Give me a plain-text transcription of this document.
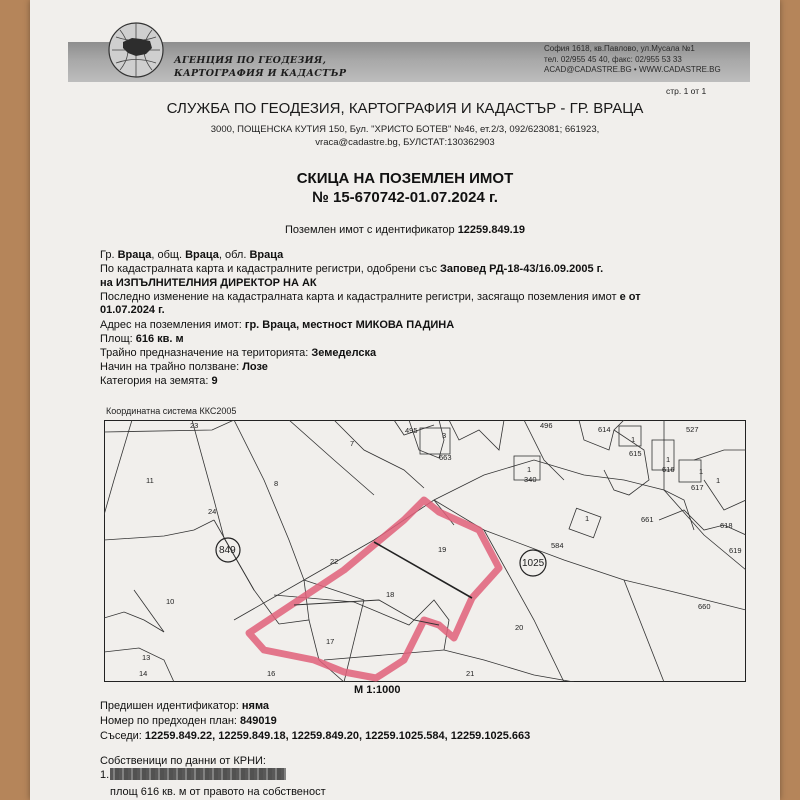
АГЕНЦИЯ ПО ГЕОДЕЗИЯ,
КАРТОГРАФИЯ И КАДАСТЪР
София 1618, кв.Павлово, ул.Мусала №1
тел. 02/955 45 40, факс: 02/955 53 33
ACAD@CADASTRE.BG • WWW.CADASTRE.BG
стр. 1 от 1
СЛУЖБА ПО ГЕОДЕЗИЯ, КАРТОГРАФИЯ И КАДАСТЪР - ГР. ВРАЦА
3000, ПОЩЕНСКА КУТИЯ 150, Бул. "ХРИСТО БОТЕВ" №46, ет.2/3, 092/623081; 661923,
vraca@cadastre.bg, БУЛСТАТ:130362903
СКИЦА НА ПОЗЕМЛЕН ИМОТ
№ 15-670742-01.07.2024 г.
Поземлен имот с идентификатор 12259.849.19
Гр. Враца, общ. Враца, обл. Враца
По кадастралната карта и кадастралните регистри, одобрени със Заповед РД-18-43/16.09.2005 г.
на ИЗПЪЛНИТЕЛНИЯ ДИРЕКТОР НА АК
Последно изменение на кадастралната карта и кадастралните регистри, засягащо поземления имот е от
01.07.2024 г.
Адрес на поземления имот: гр. Враца, местност МИКОВА ПАДИНА
Площ: 616 кв. м
Трайно предназначение на територията: Земеделска
Начин на трайно ползване: Лозе
Категория на земята: 9
Координатна система ККС2005
23
495
3
496	614	527
7
663
1
615
1
1	616
11	8	340
1
617
1
24
1	661
618
849	19	584
1025
619
22
10
18
660
20
17
13
14	16	21
M 1:1000
Предишен идентификатор: няма
Номер по предходен план: 849019
Съседи: 12259.849.22, 12259.849.18, 12259.849.20, 12259.1025.584, 12259.1025.663
Собственици по данни от КРНИ:
1.
площ 616 кв. м от правото на собственост
